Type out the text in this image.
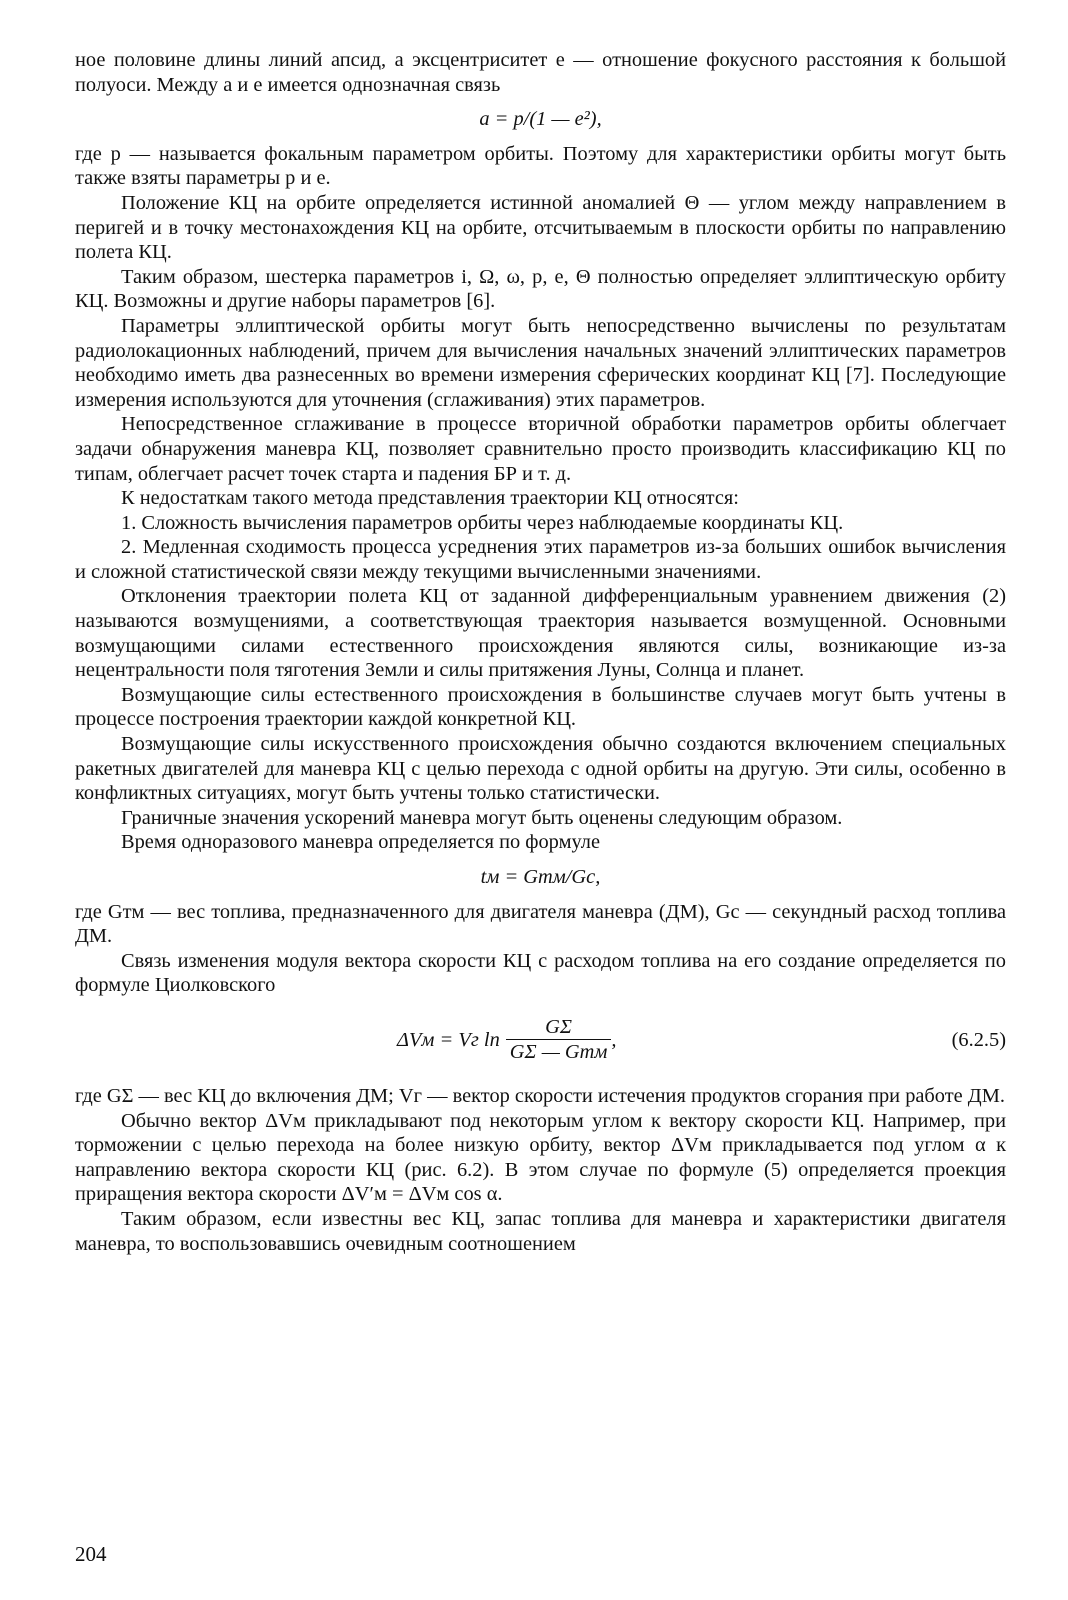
ное половине длины линий апсид, а эксцентриситет e — отношение фокусного расстояния к большой полуоси. Между a и e имеется однозначная связь

a = p/(1 — e²),

где p — называется фокальным параметром орбиты. Поэтому для характеристики орбиты могут быть также взяты параметры p и e.

Положение КЦ на орбите определяется истинной аномалией Θ — углом между направлением в перигей и в точку местонахождения КЦ на орбите, отсчитываемым в плоскости орбиты по направлению полета КЦ.

Таким образом, шестерка параметров i, Ω, ω, p, e, Θ полностью определяет эллиптическую орбиту КЦ. Возможны и другие наборы параметров [6].

Параметры эллиптической орбиты могут быть непосредственно вычислены по результатам радиолокационных наблюдений, причем для вычисления начальных значений эллиптических параметров необходимо иметь два разнесенных во времени измерения сферических координат КЦ [7]. Последующие измерения используются для уточнения (сглаживания) этих параметров.

Непосредственное сглаживание в процессе вторичной обработки параметров орбиты облегчает задачи обнаружения маневра КЦ, позволяет сравнительно просто производить классификацию КЦ по типам, облегчает расчет точек старта и падения БР и т. д.

К недостаткам такого метода представления траектории КЦ относятся:

1. Сложность вычисления параметров орбиты через наблюдаемые координаты КЦ.

2. Медленная сходимость процесса усреднения этих параметров из-за больших ошибок вычисления и сложной статистической связи между текущими вычисленными значениями.

Отклонения траектории полета КЦ от заданной дифференциальным уравнением движения (2) называются возмущениями, а соответствующая траектория называется возмущенной. Основными возмущающими силами естественного происхождения являются силы, возникающие из-за нецентральности поля тяготения Земли и силы притяжения Луны, Солнца и планет.

Возмущающие силы естественного происхождения в большинстве случаев могут быть учтены в процессе построения траектории каждой конкретной КЦ.

Возмущающие силы искусственного происхождения обычно создаются включением специальных ракетных двигателей для маневра КЦ с целью перехода с одной орбиты на другую. Эти силы, особенно в конфликтных ситуациях, могут быть учтены только статистически.

Граничные значения ускорений маневра могут быть оценены следующим образом.

Время одноразового маневра определяется по формуле

tм = Gтм/Gс,

где Gтм — вес топлива, предназначенного для двигателя маневра (ДМ), Gс — секундный расход топлива ДМ.

Связь изменения модуля вектора скорости КЦ с расходом топлива на его создание определяется по формуле Циолковского

ΔVм = Vг $\ln \frac{G\Sigma}{\text{GΣ — Gтм}}$ ,	(6.2.5)

где GΣ — вес КЦ до включения ДМ; Vг — вектор скорости истечения продуктов сгорания при работе ДМ.

Обычно вектор ΔVм прикладывают под некоторым углом к вектору скорости КЦ. Например, при торможении с целью перехода на более низкую орбиту, вектор ΔVм прикладывается под углом α к направлению вектора скорости КЦ (рис. 6.2). В этом случае по формуле (5) определяется проекция приращения вектора скорости ΔV′м = ΔVм cos α.

Таким образом, если известны вес КЦ, запас топлива для маневра и характеристики двигателя маневра, то воспользовавшись очевидным соотношением

204
